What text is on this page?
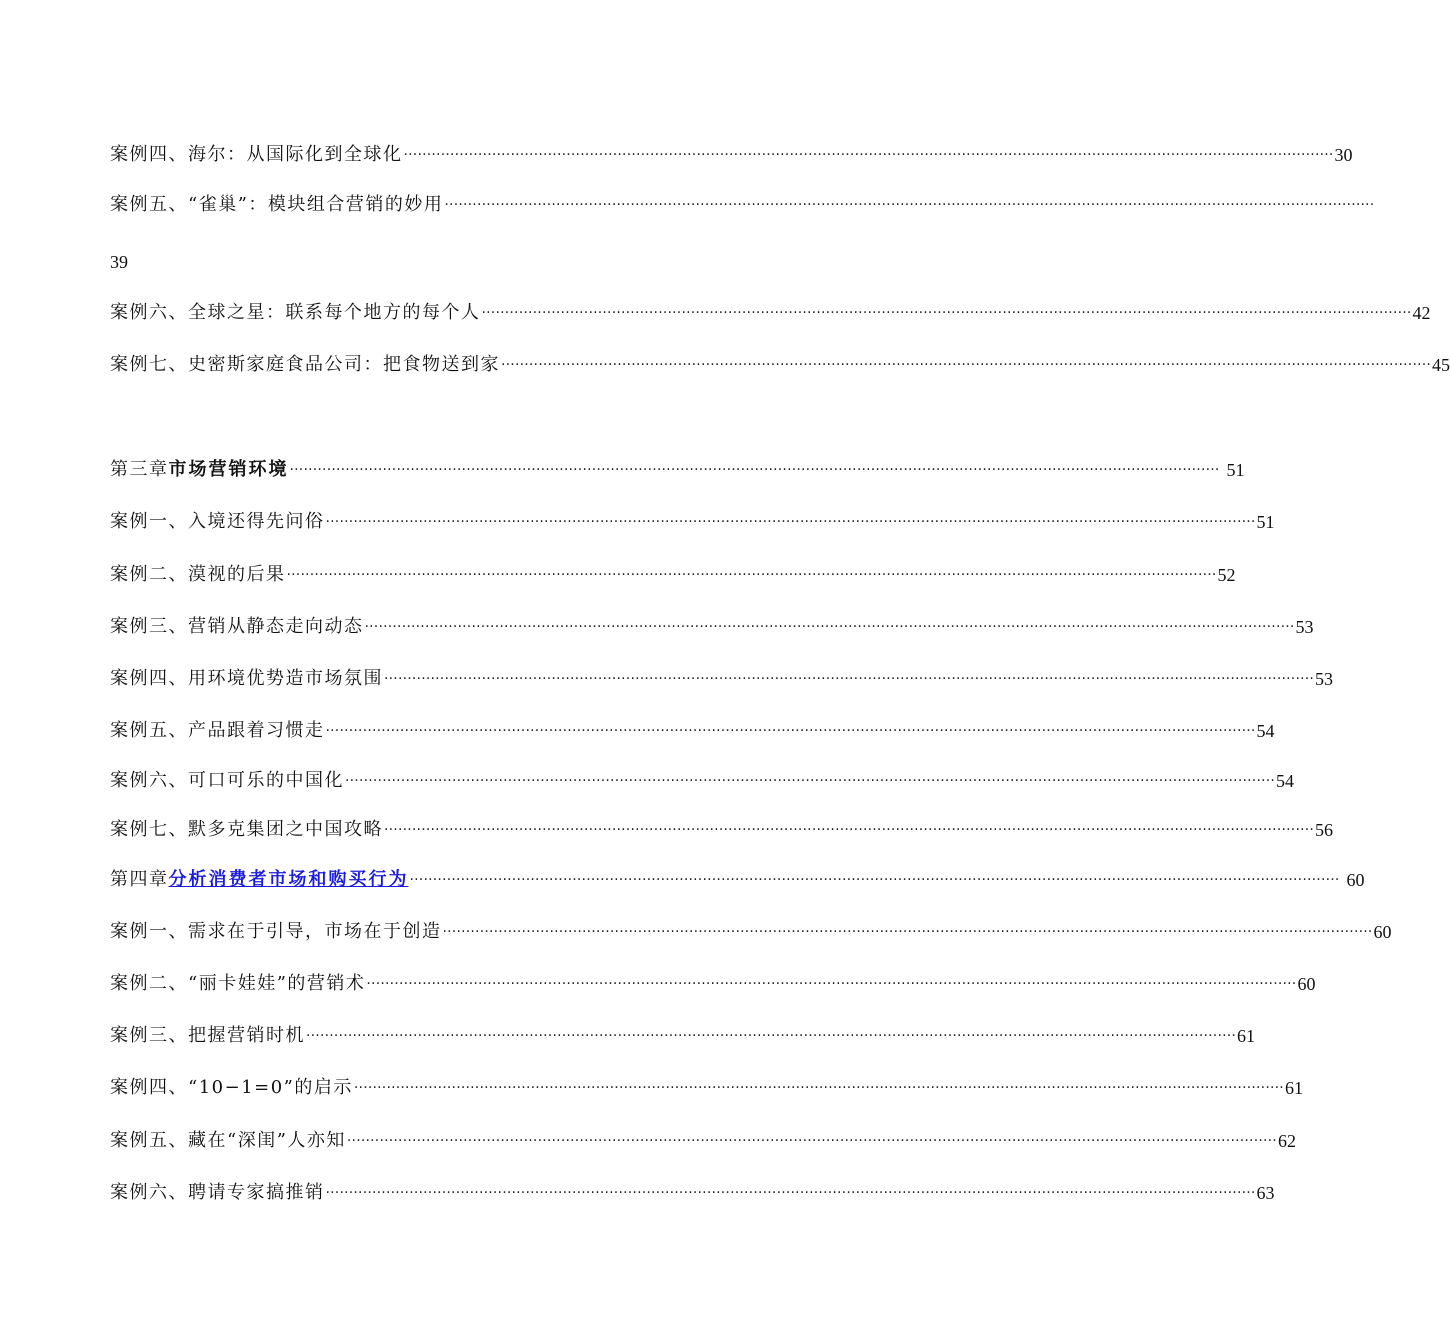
案例四、海尔：从国际化到全球化 ········································································································································································································ 30
案例五、“雀巢”：模块组合营销的妙用 ········································································································································································································
39
案例六、全球之星：联系每个地方的每个人 ········································································································································································································ 42
案例七、史密斯家庭食品公司：把食物送到家 ········································································································································································································ 45
第三章市场营销环境 ········································································································································································································ 51
案例一、入境还得先问俗 ········································································································································································································ 51
案例二、漠视的后果 ········································································································································································································ 52
案例三、营销从静态走向动态 ········································································································································································································ 53
案例四、用环境优势造市场氛围 ········································································································································································································ 53
案例五、产品跟着习惯走 ········································································································································································································ 54
案例六、可口可乐的中国化 ········································································································································································································ 54
案例七、默多克集团之中国攻略 ········································································································································································································ 56
第四章分析消费者市场和购买行为 ········································································································································································································ 60
案例一、需求在于引导，市场在于创造 ········································································································································································································ 60
案例二、“丽卡娃娃”的营销术 ········································································································································································································ 60
案例三、把握营销时机 ········································································································································································································ 61
案例四、“10−1=0”的启示 ········································································································································································································ 61
案例五、藏在“深闺”人亦知 ········································································································································································································ 62
案例六、聘请专家搞推销 ········································································································································································································ 63
